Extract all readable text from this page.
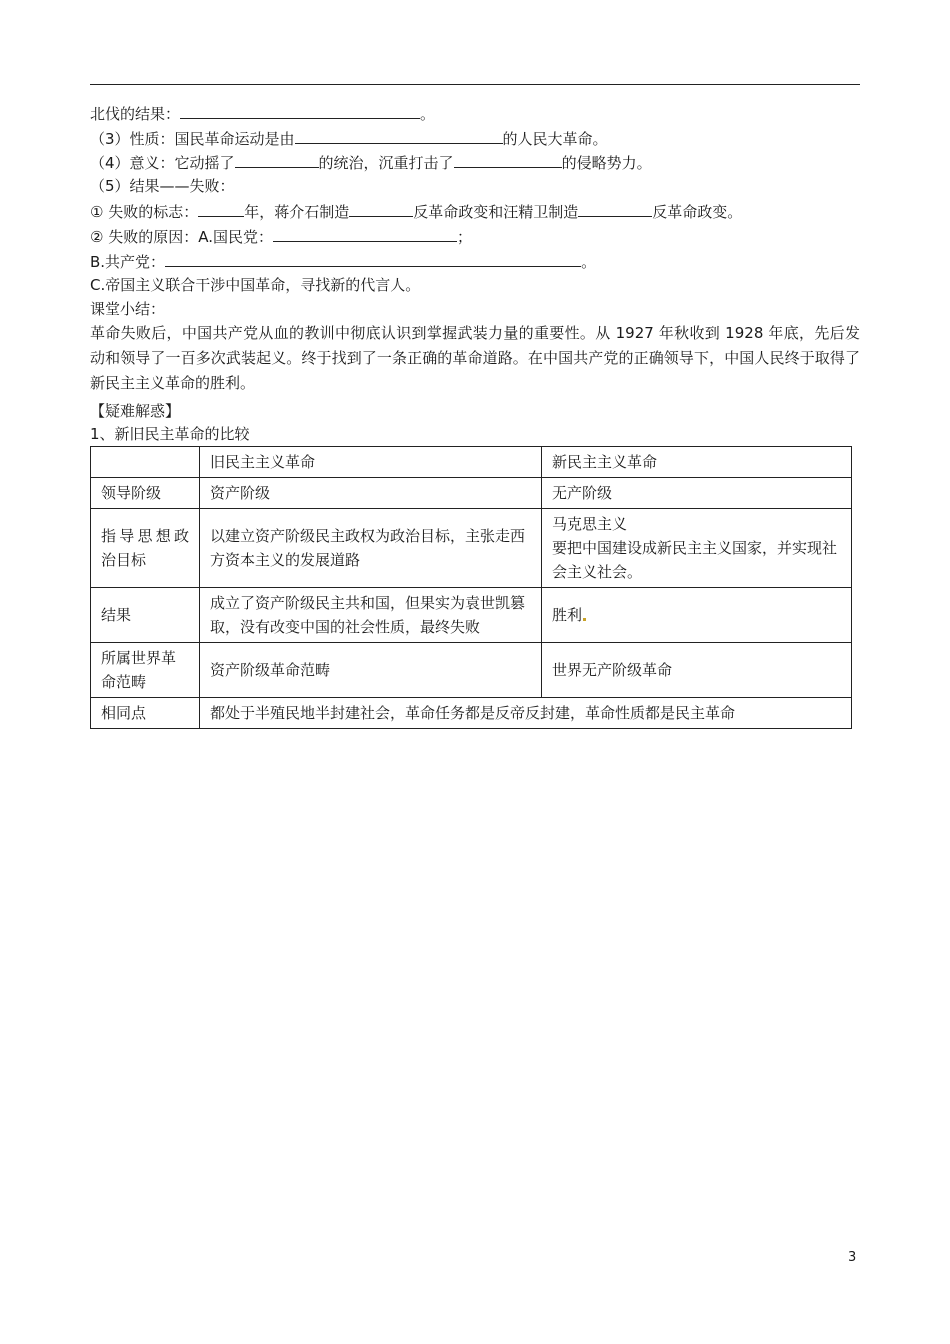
北伐的结果：	。
（3）性质：国民革命运动是由	的人民大革命。
（4）意义：它动摇了	的统治，沉重打击了	的侵略势力。
（5）结果——失败：
① 失败的标志：	年，蒋介石制造	反革命政变和汪精卫制造	反革命政变。
② 失败的原因：A.国民党：	；
B.共产党：	。
C.帝国主义联合干涉中国革命，寻找新的代言人。
课堂小结：
革命失败后，中国共产党从血的教训中彻底认识到掌握武装力量的重要性。从 1927 年秋收到 1928 年底，先后发动和领导了一百多次武装起义。终于找到了一条正确的革命道路。在中国共产党的正确领导下，中国人民终于取得了新民主主义革命的胜利。
【疑难解惑】
1、新旧民主革命的比较
	旧民主主义革命	新民主主义革命
领导阶级	资产阶级	无产阶级
指导思想政治目标	以建立资产阶级民主政权为政治目标，主张走西方资本主义的发展道路	马克思主义
要把中国建设成新民主主义国家，并实现社会主义社会。

结果	成立了资产阶级民主共和国，但果实为袁世凯篡取，没有改变中国的社会性质，最终失败	胜利
所属世界革命范畴	资产阶级革命范畴	世界无产阶级革命
相同点	都处于半殖民地半封建社会，革命任务都是反帝反封建，革命性质都是民主革命	
3
